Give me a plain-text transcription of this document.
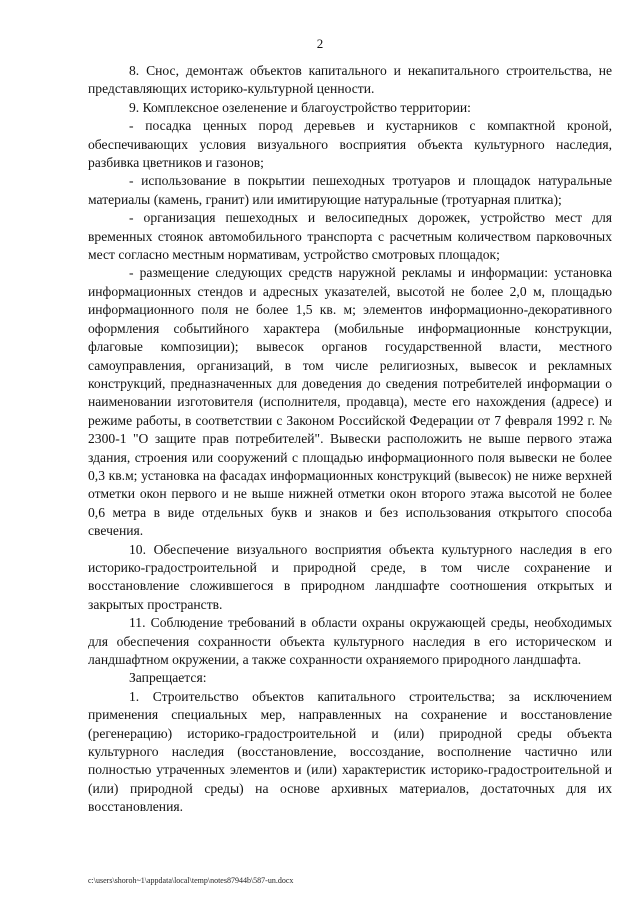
2

8. Снос, демонтаж объектов капитального и некапитального строительства, не представляющих историко-культурной ценности.

9. Комплексное озеленение и благоустройство территории:

- посадка ценных пород деревьев и кустарников с компактной кроной, обеспечивающих условия визуального восприятия объекта культурного наследия, разбивка цветников и газонов;

- использование в покрытии пешеходных тротуаров и площадок натуральные материалы (камень, гранит) или имитирующие натуральные (тротуарная плитка);

- организация пешеходных и велосипедных дорожек, устройство мест для временных стоянок автомобильного транспорта с расчетным количеством парковочных мест согласно местным нормативам, устройство смотровых площадок;

- размещение следующих средств наружной рекламы и информации: установка информационных стендов и адресных указателей, высотой не более 2,0 м, площадью информационного поля не более 1,5 кв. м; элементов информационно-декоративного оформления событийного характера (мобильные информационные конструкции, флаговые композиции); вывесок органов государственной власти, местного самоуправления, организаций, в том числе религиозных, вывесок и рекламных конструкций, предназначенных для доведения до сведения потребителей информации о наименовании изготовителя (исполнителя, продавца), месте его нахождения (адресе) и режиме работы, в соответствии с Законом Российской Федерации от 7 февраля 1992 г. № 2300-1 "О защите прав потребителей". Вывески расположить не выше первого этажа здания, строения или сооружений с площадью информационного поля вывески не более 0,3 кв.м; установка на фасадах информационных конструкций (вывесок) не ниже верхней отметки окон первого и не выше нижней отметки окон второго этажа высотой не более 0,6 метра в виде отдельных букв и знаков и без использования открытого способа свечения.

10. Обеспечение визуального восприятия объекта культурного наследия в его историко-градостроительной и природной среде, в том числе сохранение и восстановление сложившегося в природном ландшафте соотношения открытых и закрытых пространств.

11. Соблюдение требований в области охраны окружающей среды, необходимых для обеспечения сохранности объекта культурного наследия в его историческом и ландшафтном окружении, а также сохранности охраняемого природного ландшафта.

Запрещается:

1. Строительство объектов капитального строительства; за исключением применения специальных мер, направленных на сохранение и восстановление (регенерацию) историко-градостроительной и (или) природной среды объекта культурного наследия (восстановление, воссоздание, восполнение частично или полностью утраченных элементов и (или) характеристик историко-градостроительной и (или) природной среды) на основе архивных материалов, достаточных для их восстановления.

c:\users\shoroh~1\appdata\local\temp\notes87944b\587-un.docx
